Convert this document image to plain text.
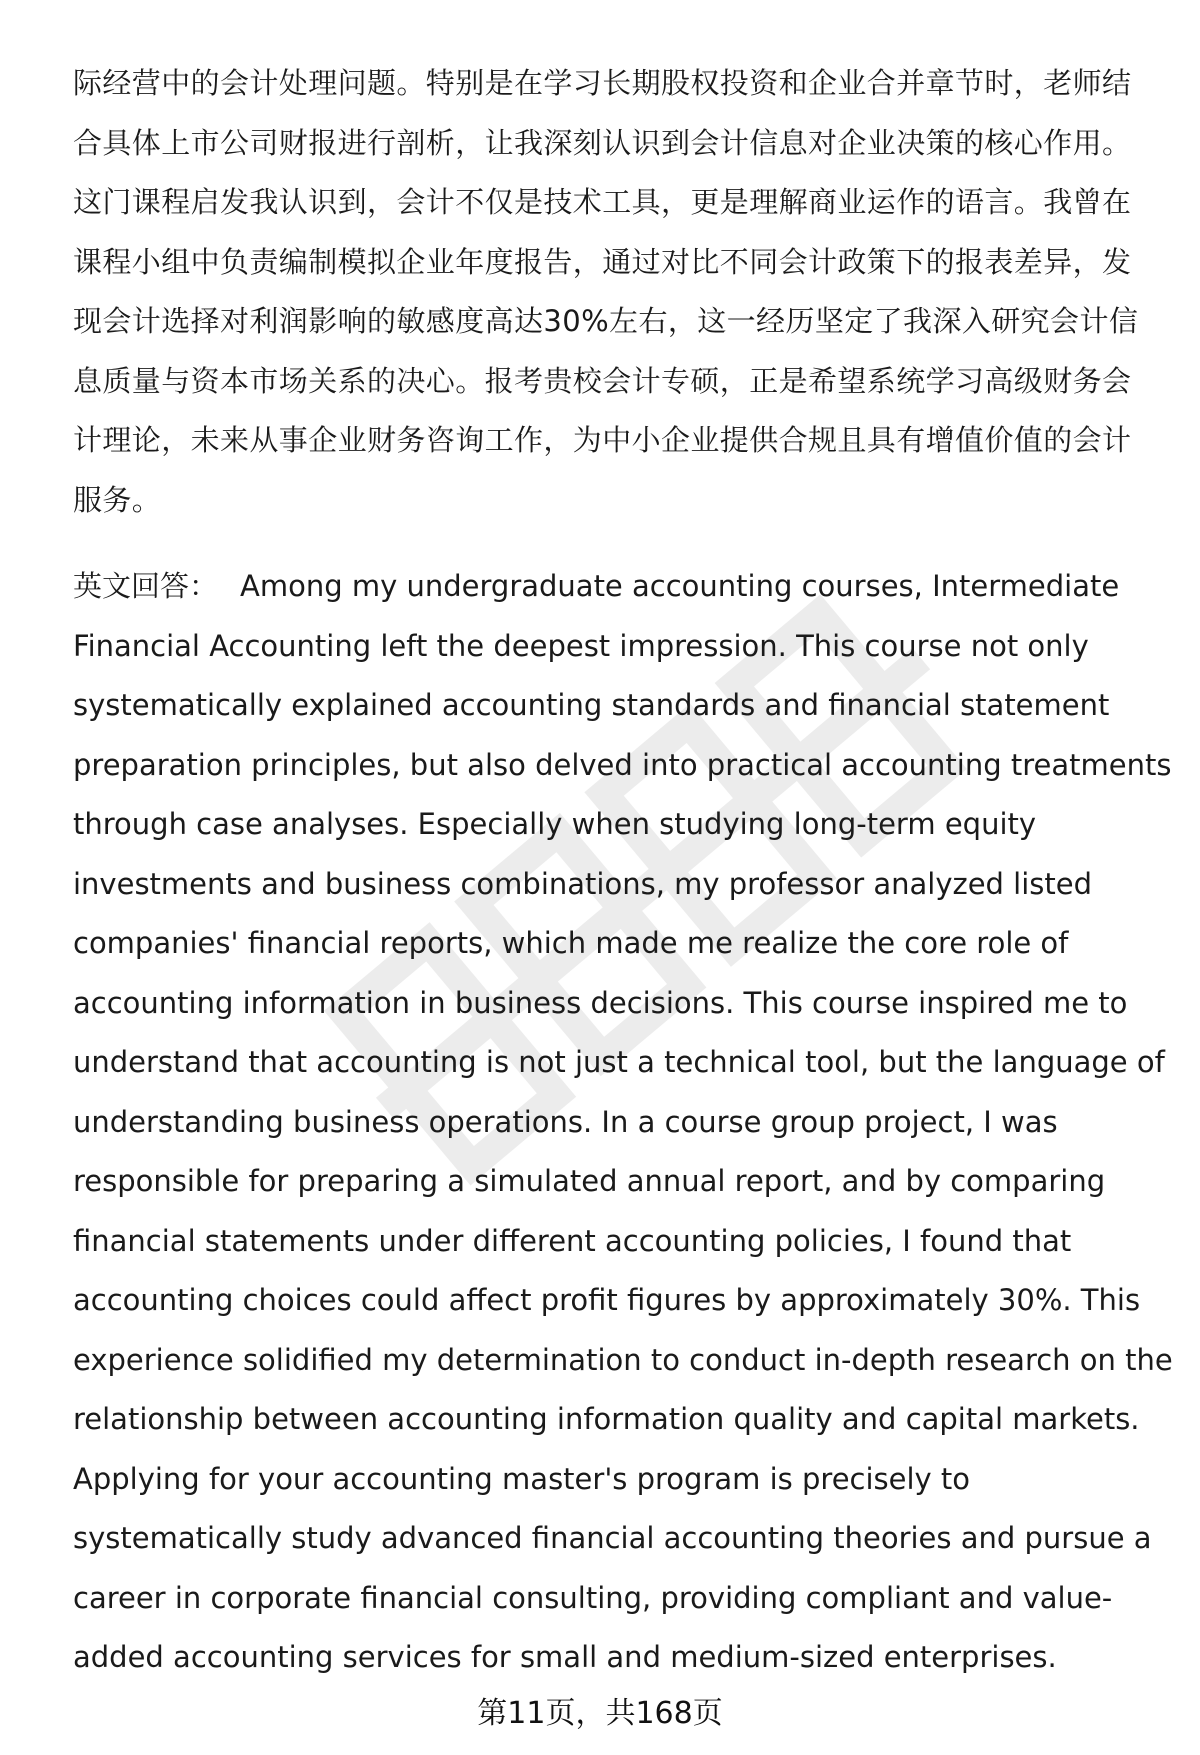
际经营中的会计处理问题。特别是在学习长期股权投资和企业合并章节时，老师结
合具体上市公司财报进行剖析，让我深刻认识到会计信息对企业决策的核心作用。
这门课程启发我认识到，会计不仅是技术工具，更是理解商业运作的语言。我曾在
课程小组中负责编制模拟企业年度报告，通过对比不同会计政策下的报表差异，发
现会计选择对利润影响的敏感度高达30%左右，这一经历坚定了我深入研究会计信
息质量与资本市场关系的决心。报考贵校会计专硕，正是希望系统学习高级财务会
计理论，未来从事企业财务咨询工作，为中小企业提供合规且具有增值价值的会计
服务。
英文回答： Among my undergraduate accounting courses, Intermediate
Financial Accounting left the deepest impression. This course not only
systematically explained accounting standards and financial statement
preparation principles, but also delved into practical accounting treatments
through case analyses. Especially when studying long-term equity
investments and business combinations, my professor analyzed listed
companies' financial reports, which made me realize the core role of
accounting information in business decisions. This course inspired me to
understand that accounting is not just a technical tool, but the language of
understanding business operations. In a course group project, I was
responsible for preparing a simulated annual report, and by comparing
financial statements under different accounting policies, I found that
accounting choices could affect profit figures by approximately 30%. This
experience solidified my determination to conduct in-depth research on the
relationship between accounting information quality and capital markets.
Applying for your accounting master's program is precisely to
systematically study advanced financial accounting theories and pursue a
career in corporate financial consulting, providing compliant and value-
added accounting services for small and medium-sized enterprises.
第11页，共168页
